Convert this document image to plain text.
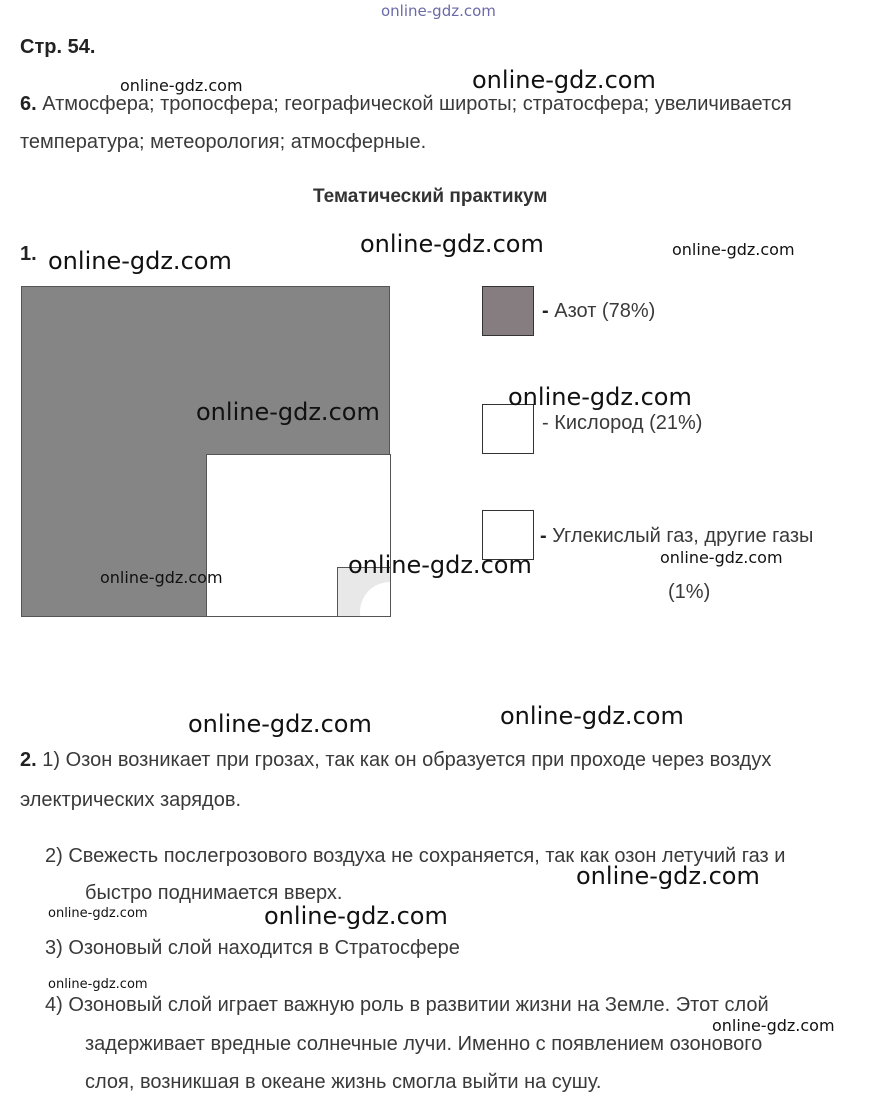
online-gdz.com
Стр. 54.
6. Атмосфера; тропосфера; географической широты; стратосфера; увеличивается
температура; метеорология; атмосферные.
Тематический практикум
1.
- Азот (78%)
- Кислород (21%)
- Углекислый газ, другие газы
(1%)
2. 1) Озон возникает при грозах, так как он образуется при проходе через воздух
электрических зарядов.
2) Свежесть послегрозового воздуха не сохраняется, так как озон летучий газ и
быстро поднимается вверх.
3) Озоновый слой находится в Стратосфере
4) Озоновый слой играет важную роль в развитии жизни на Земле. Этот слой
задерживает вредные солнечные лучи. Именно с появлением озонового
слоя, возникшая в океане жизнь смогла выйти на сушу.
online-gdz.com	online-gdz.com
online-gdz.com
online-gdz.com	online-gdz.com
online-gdz.com
online-gdz.com
online-gdz.com
online-gdz.com
online-gdz.com
online-gdz.com	online-gdz.com
online-gdz.com
online-gdz.com	online-gdz.com
online-gdz.com
online-gdz.com
